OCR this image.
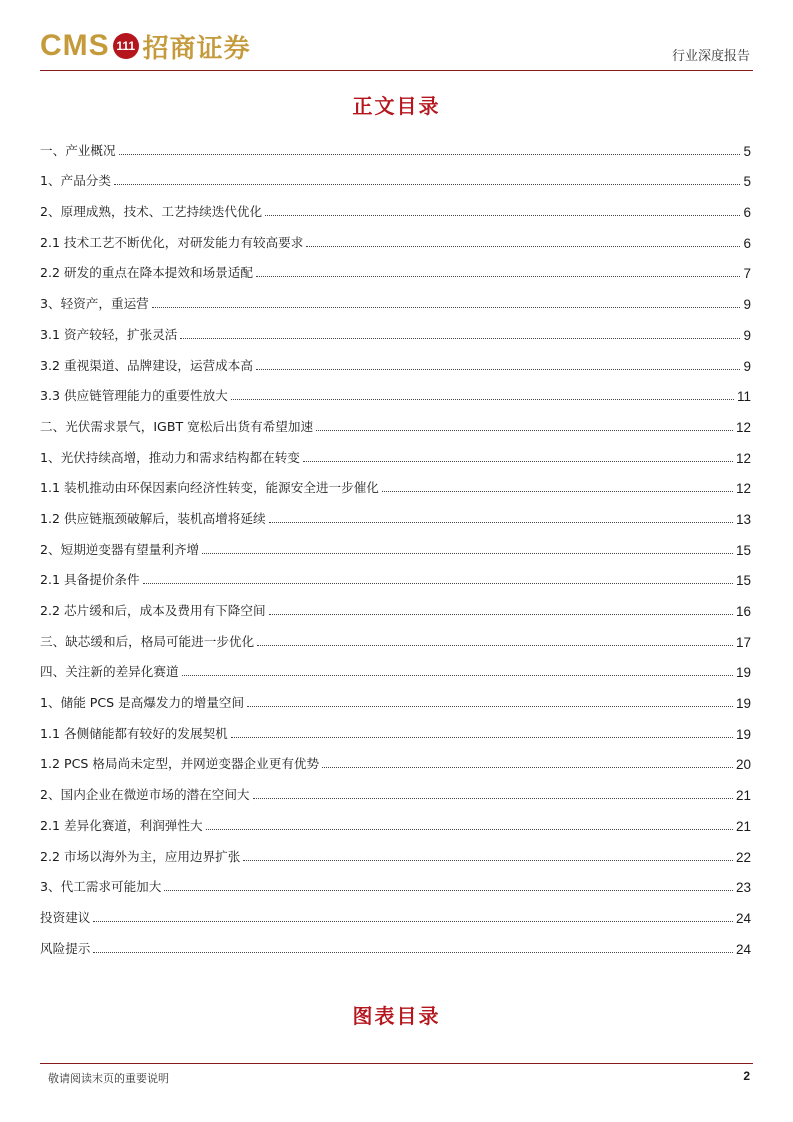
CMS 111 招商证券	行业深度报告
正文目录
一、产业概况	5
1、产品分类	5
2、原理成熟，技术、工艺持续迭代优化	6
2.1 技术工艺不断优化，对研发能力有较高要求	6
2.2 研发的重点在降本提效和场景适配	7
3、轻资产，重运营	9
3.1 资产较轻，扩张灵活	9
3.2 重视渠道、品牌建设，运营成本高	9
3.3 供应链管理能力的重要性放大	11
二、光伏需求景气，IGBT 宽松后出货有希望加速	12
1、光伏持续高增，推动力和需求结构都在转变	12
1.1 装机推动由环保因素向经济性转变，能源安全进一步催化	12
1.2 供应链瓶颈破解后，装机高增将延续	13
2、短期逆变器有望量利齐增	15
2.1 具备提价条件	15
2.2 芯片缓和后，成本及费用有下降空间	16
三、缺芯缓和后，格局可能进一步优化	17
四、关注新的差异化赛道	19
1、储能 PCS 是高爆发力的增量空间	19
1.1 各侧储能都有较好的发展契机	19
1.2 PCS 格局尚未定型，并网逆变器企业更有优势	20
2、国内企业在微逆市场的潜在空间大	21
2.1 差异化赛道，利润弹性大	21
2.2 市场以海外为主，应用边界扩张	22
3、代工需求可能加大	23
投资建议	24
风险提示	24
图表目录
敬请阅读末页的重要说明	2
